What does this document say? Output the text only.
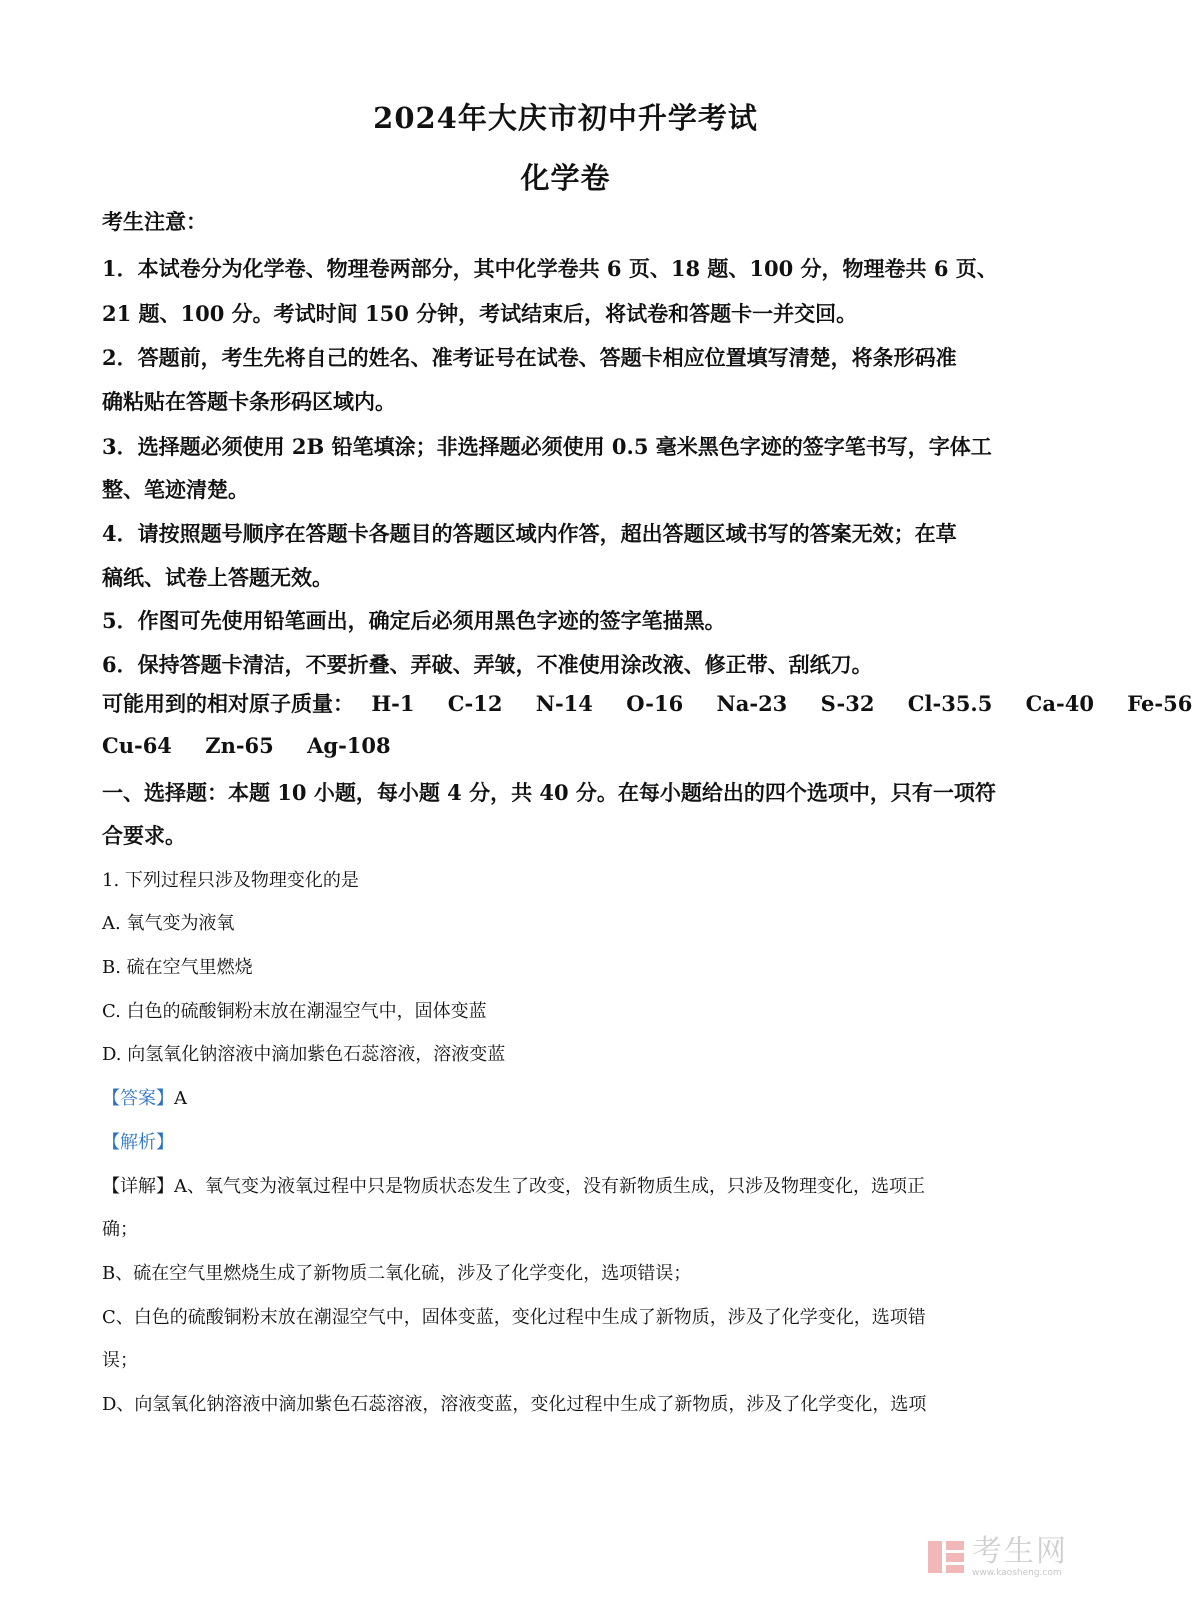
2024年大庆市初中升学考试
化学卷
考生注意：
1．本试卷分为化学卷、物理卷两部分，其中化学卷共 6 页、18 题、100 分，物理卷共 6 页、
21 题、100 分。考试时间 150 分钟，考试结束后，将试卷和答题卡一并交回。
2．答题前，考生先将自己的姓名、准考证号在试卷、答题卡相应位置填写清楚，将条形码准
确粘贴在答题卡条形码区域内。
3．选择题必须使用 2B 铅笔填涂；非选择题必须使用 0.5 毫米黑色字迹的签字笔书写，字体工
整、笔迹清楚。
4．请按照题号顺序在答题卡各题目的答题区域内作答，超出答题区域书写的答案无效；在草
稿纸、试卷上答题无效。
5．作图可先使用铅笔画出，确定后必须用黑色字迹的签字笔描黑。
6．保持答题卡清洁，不要折叠、弄破、弄皱，不准使用涂改液、修正带、刮纸刀。
可能用到的相对原子质量： H-1 C-12 N-14 O-16 Na-23 S-32 Cl-35.5 Ca-40 Fe-56
Cu-64 Zn-65 Ag-108
一、选择题：本题 10 小题，每小题 4 分，共 40 分。在每小题给出的四个选项中，只有一项符
合要求。
1. 下列过程只涉及物理变化的是
A. 氧气变为液氧
B. 硫在空气里燃烧
C. 白色的硫酸铜粉末放在潮湿空气中，固体变蓝
D. 向氢氧化钠溶液中滴加紫色石蕊溶液，溶液变蓝
【答案】A
【解析】
【详解】A、氧气变为液氧过程中只是物质状态发生了改变，没有新物质生成，只涉及物理变化，选项正
确；
B、硫在空气里燃烧生成了新物质二氧化硫，涉及了化学变化，选项错误；
C、白色的硫酸铜粉末放在潮湿空气中，固体变蓝，变化过程中生成了新物质，涉及了化学变化，选项错
误；
D、向氢氧化钠溶液中滴加紫色石蕊溶液，溶液变蓝，变化过程中生成了新物质，涉及了化学变化，选项
考生网
www.kaosheng.com
